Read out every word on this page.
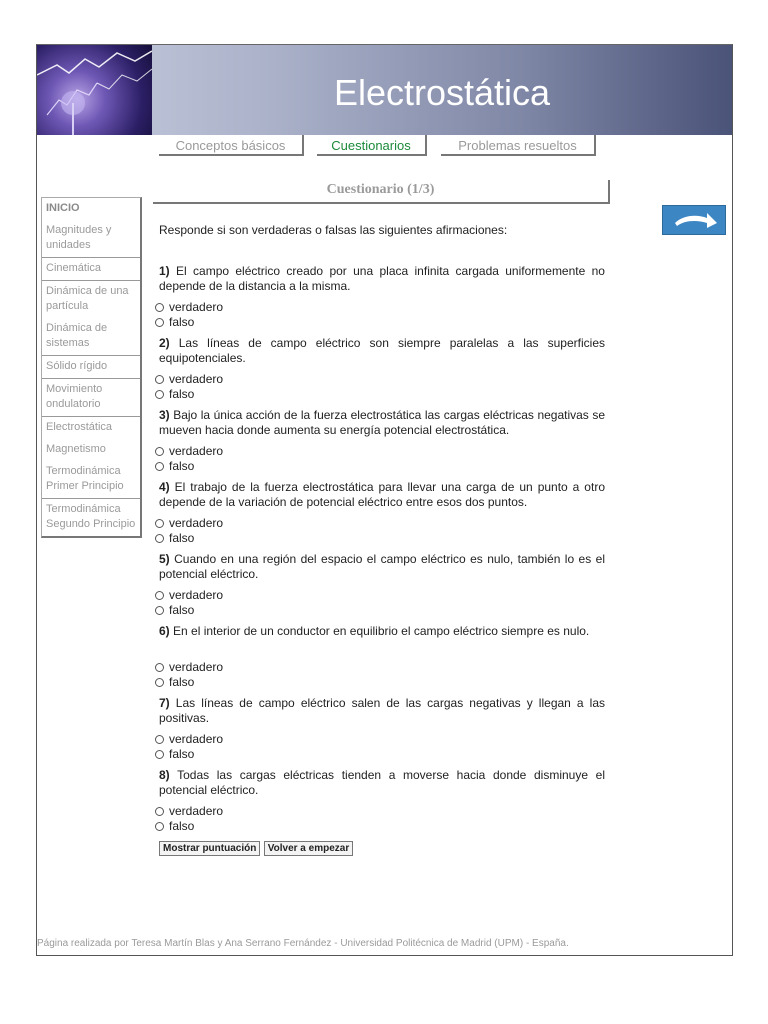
Electrostática
Conceptos básicos	Cuestionarios	Problemas resueltos
Cuestionario (1/3)
INICIO
Magnitudes y unidades
Cinemática
Dinámica de una partícula
Dinámica de sistemas
Sólido rígido
Movimiento ondulatorio
Electrostática
Magnetismo
Termodinámica Primer Principio
Termodinámica Segundo Principio
Responde si son verdaderas o falsas las siguientes afirmaciones:
1) El campo eléctrico creado por una placa infinita cargada uniformemente no depende de la distancia a la misma.
verdadero
falso
2) Las líneas de campo eléctrico son siempre paralelas a las superficies equipotenciales.
verdadero
falso
3) Bajo la única acción de la fuerza electrostática las cargas eléctricas negativas se mueven hacia donde aumenta su energía potencial electrostática.
verdadero
falso
4) El trabajo de la fuerza electrostática para llevar una carga de un punto a otro depende de la variación de potencial eléctrico entre esos dos puntos.
verdadero
falso
5) Cuando en una región del espacio el campo eléctrico es nulo, también lo es el potencial eléctrico.
verdadero
falso
6) En el interior de un conductor en equilibrio el campo eléctrico siempre es nulo.
verdadero
falso
7) Las líneas de campo eléctrico salen de las cargas negativas y llegan a las positivas.
verdadero
falso
8) Todas las cargas eléctricas tienden a moverse hacia donde disminuye el potencial eléctrico.
verdadero
falso
Mostrar puntuación Volver a empezar
Página realizada por Teresa Martín Blas y Ana Serrano Fernández - Universidad Politécnica de Madrid (UPM) - España.
